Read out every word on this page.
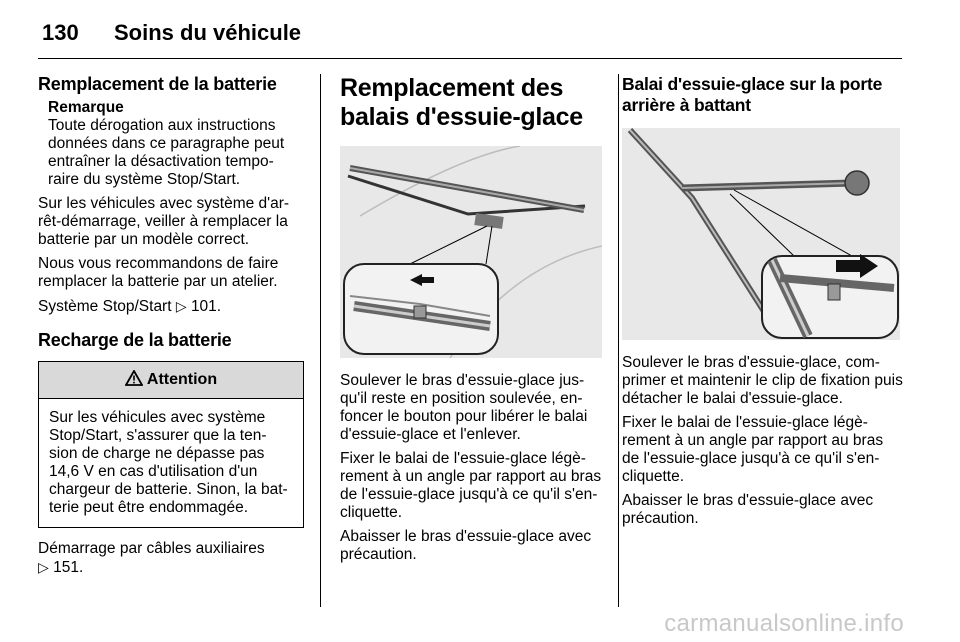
130 Soins du véhicule
Remplacement de la batterie
Remarque

Toute dérogation aux instructions données dans ce paragraphe peut entraîner la désactivation tempo-raire du système Stop/Start.

Sur les véhicules avec système d'ar-rêt-démarrage, veiller à remplacer la batterie par un modèle correct.

Nous vous recommandons de faire remplacer la batterie par un atelier.

Système Stop/Start ▷ 101.

Recharge de la batterie
Attention

Sur les véhicules avec système Stop/Start, s'assurer que la ten-sion de charge ne dépasse pas 14,6 V en cas d'utilisation d'un chargeur de batterie. Sinon, la bat-terie peut être endommagée.

Démarrage par câbles auxiliaires
▷ 151.

Remplacement des balais d'essuie-glace

Soulever le bras d'essuie-glace jus-qu'il reste en position soulevée, en-foncer le bouton pour libérer le balai d'essuie-glace et l'enlever.

Fixer le balai de l'essuie-glace légè-rement à un angle par rapport au bras de l'essuie-glace jusqu'à ce qu'il s'en-cliquette.

Abaisser le bras d'essuie-glace avec précaution.

Balai d'essuie-glace sur la porte arrière à battant

Soulever le bras d'essuie-glace, com-primer et maintenir le clip de fixation puis détacher le balai d'essuie-glace.

Fixer le balai de l'essuie-glace légè-rement à un angle par rapport au bras de l'essuie-glace jusqu'à ce qu'il s'en-cliquette.

Abaisser le bras d'essuie-glace avec précaution.

carmanualsonline.info
